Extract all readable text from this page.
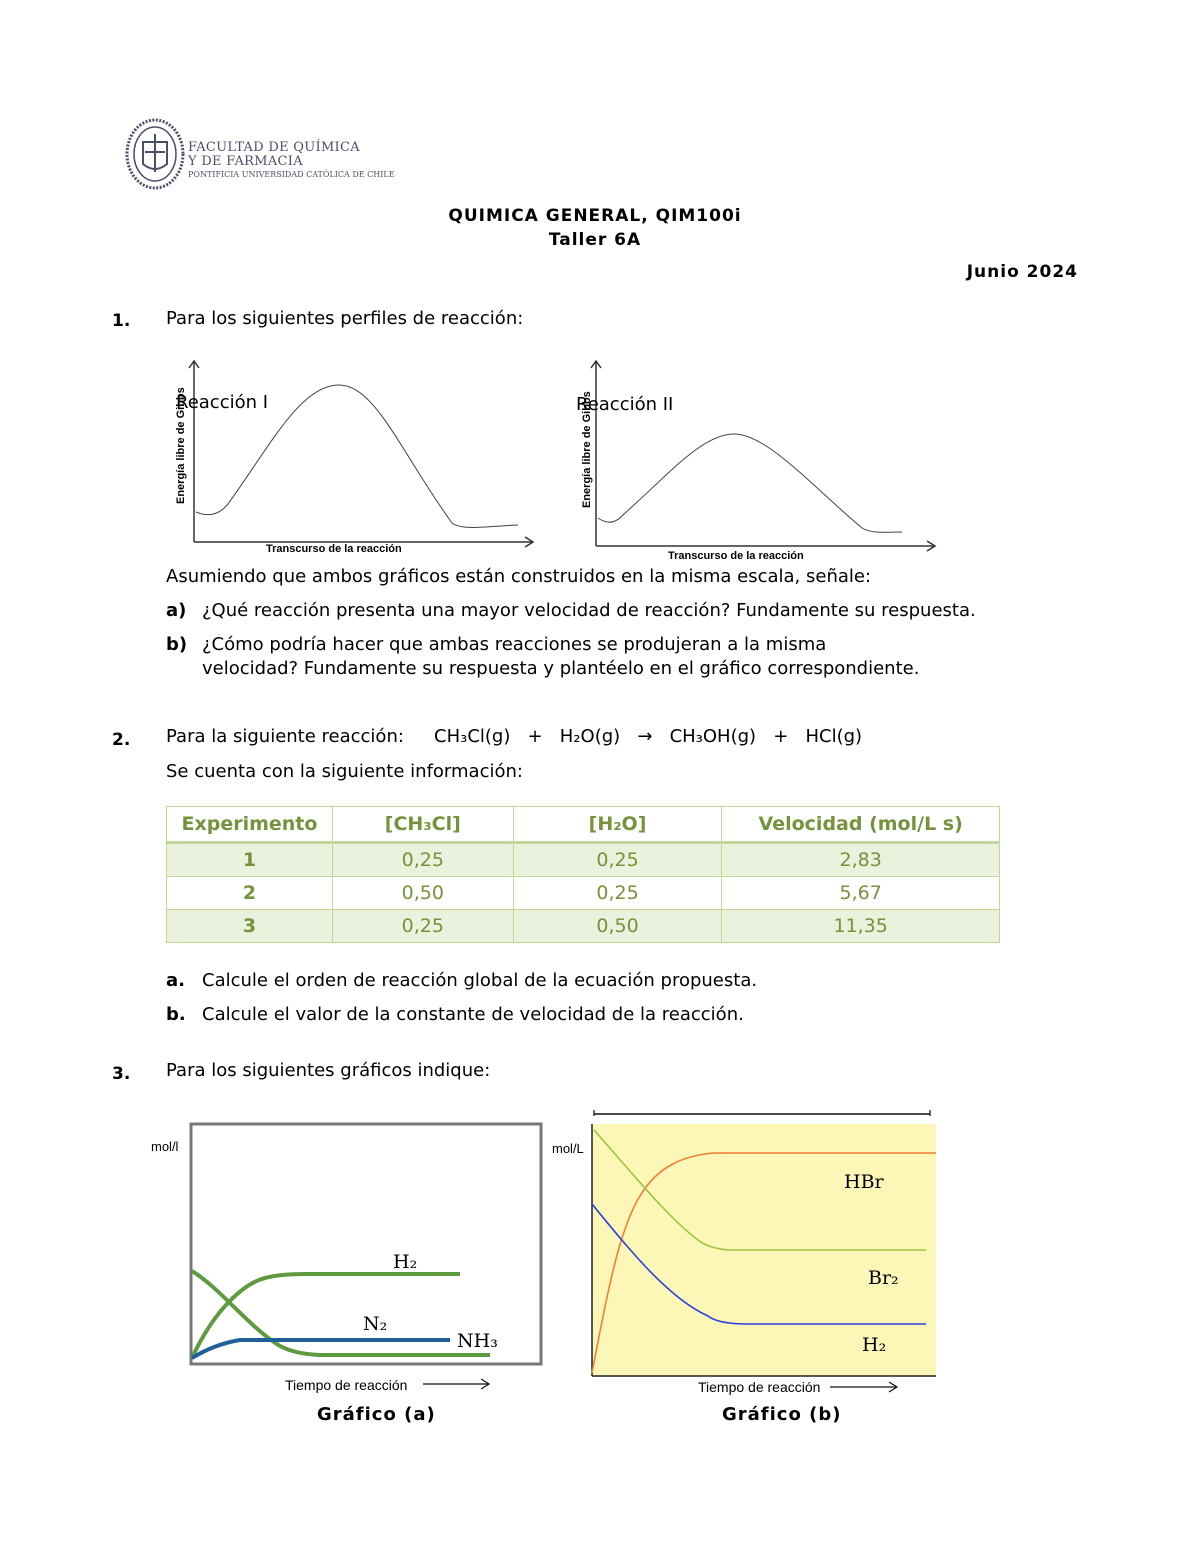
FACULTAD DE QUÍMICA
Y DE FARMACIA
PONTIFICIA UNIVERSIDAD CATÓLICA DE CHILE
QUIMICA GENERAL, QIM100i
Taller 6A
Junio 2024
1. Para los siguientes perfiles de reacción:
Energía libre de Gibbs
Transcurso de la reacción
Reacción I	Energía libre de Gibbs
Transcurso de la reacción
Reacción II
Asumiendo que ambos gráficos están construidos en la misma escala, señale:
a) ¿Qué reacción presenta una mayor velocidad de reacción? Fundamente su respuesta.
b) ¿Cómo podría hacer que ambas reacciones se produjeran a la misma
velocidad? Fundamente su respuesta y plantéelo en el gráfico correspondiente.
2. Para la siguiente reacción: CH₃Cl(g)   +   H₂O(g)   →   CH₃OH(g)   +   HCl(g)
Se cuenta con la siguiente información:
Experimento	[CH₃Cl]	[H₂O]	Velocidad (mol/L s)
1	0,25	0,25	2,83
2	0,50	0,25	5,67
3	0,25	0,50	11,35
a. Calcule el orden de reacción global de la ecuación propuesta.
b. Calcule el valor de la constante de velocidad de la reacción.
3. Para los siguientes gráficos indique:
mol/l
H₂
N₂
NH₃
Tiempo de reacción
Gráfico (a)
mol/L
HBr
Br₂
H₂
Tiempo de reacción
Gráfico (b)
